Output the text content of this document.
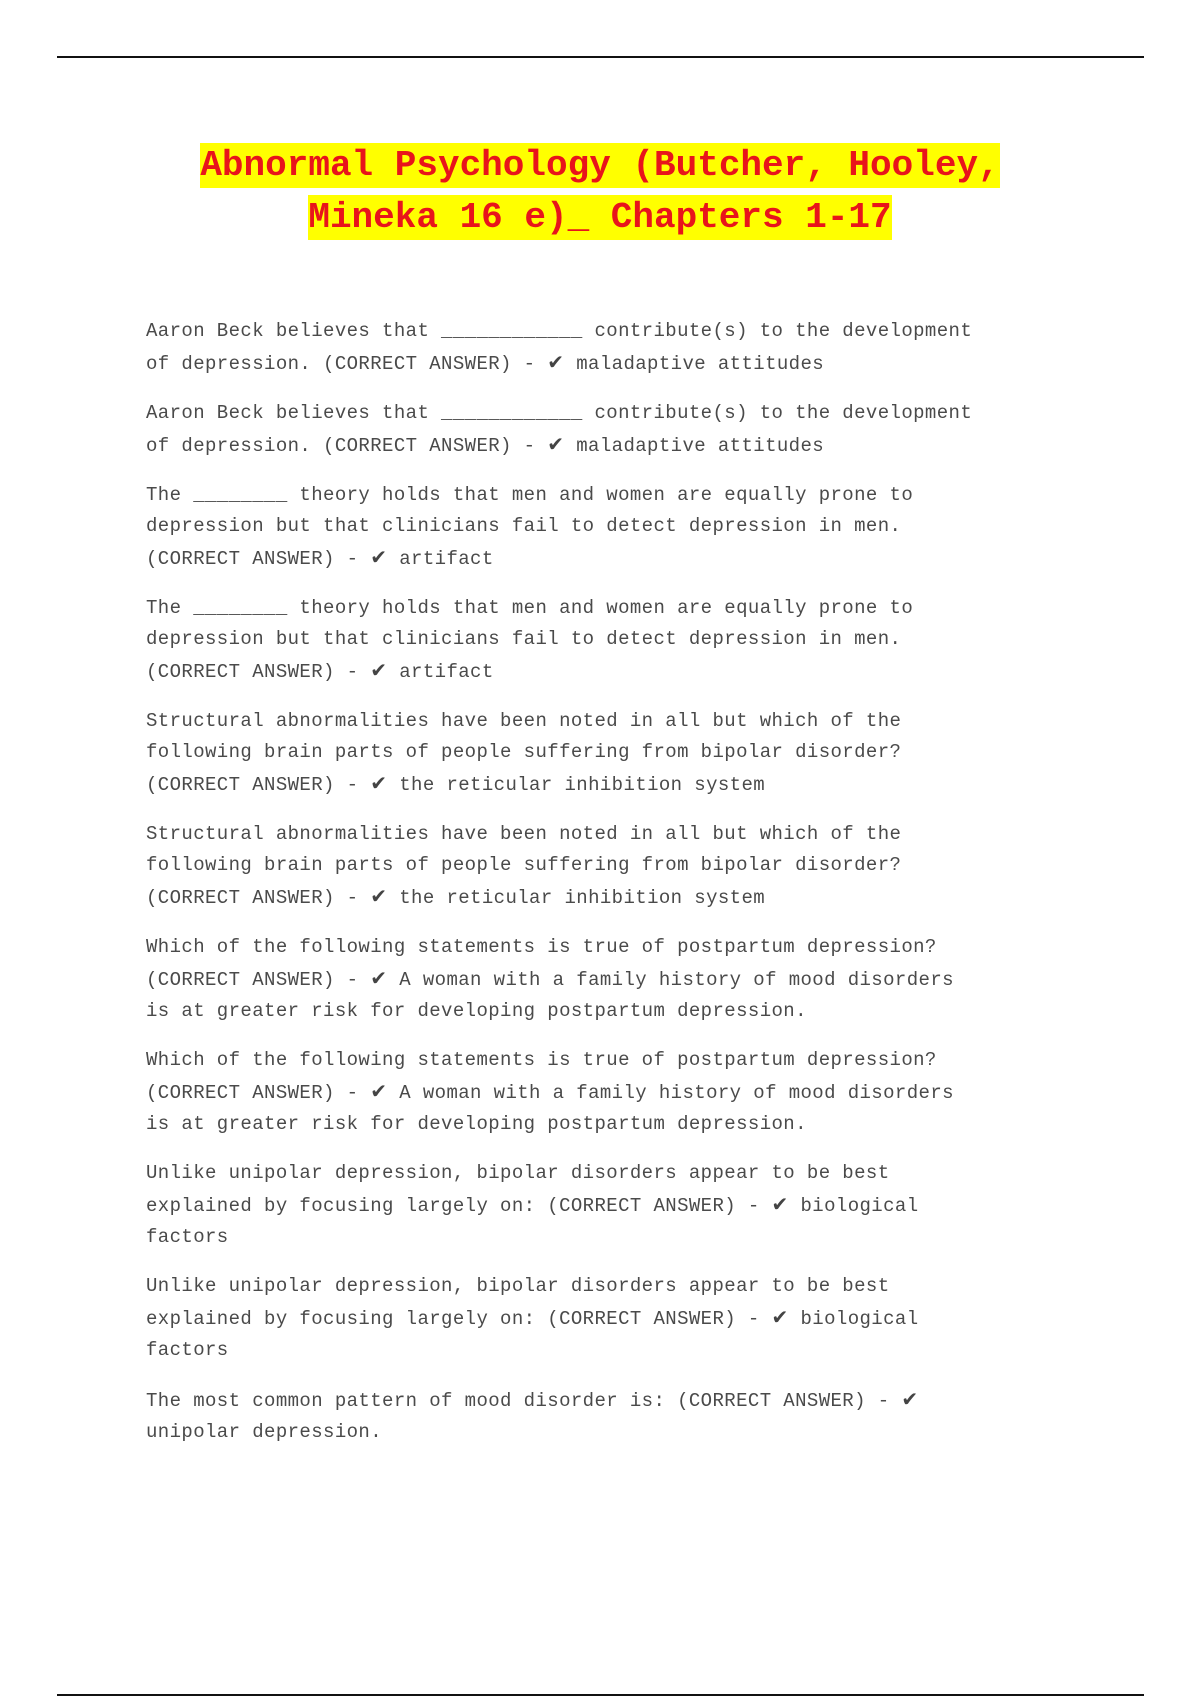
Abnormal Psychology (Butcher, Hooley,
Mineka 16 e)_ Chapters 1-17
Aaron Beck believes that ____________ contribute(s) to the development
of depression. (CORRECT ANSWER) - ✔︎ maladaptive attitudes
Aaron Beck believes that ____________ contribute(s) to the development
of depression. (CORRECT ANSWER) - ✔︎ maladaptive attitudes
The ________ theory holds that men and women are equally prone to
depression but that clinicians fail to detect depression in men.
(CORRECT ANSWER) - ✔︎ artifact
The ________ theory holds that men and women are equally prone to
depression but that clinicians fail to detect depression in men.
(CORRECT ANSWER) - ✔︎ artifact
Structural abnormalities have been noted in all but which of the
following brain parts of people suffering from bipolar disorder?
(CORRECT ANSWER) - ✔︎ the reticular inhibition system
Structural abnormalities have been noted in all but which of the
following brain parts of people suffering from bipolar disorder?
(CORRECT ANSWER) - ✔︎ the reticular inhibition system
Which of the following statements is true of postpartum depression?
(CORRECT ANSWER) - ✔︎ A woman with a family history of mood disorders
is at greater risk for developing postpartum depression.
Which of the following statements is true of postpartum depression?
(CORRECT ANSWER) - ✔︎ A woman with a family history of mood disorders
is at greater risk for developing postpartum depression.
Unlike unipolar depression, bipolar disorders appear to be best
explained by focusing largely on: (CORRECT ANSWER) - ✔︎ biological
factors
Unlike unipolar depression, bipolar disorders appear to be best
explained by focusing largely on: (CORRECT ANSWER) - ✔︎ biological
factors
The most common pattern of mood disorder is: (CORRECT ANSWER) - ✔︎
unipolar depression.
